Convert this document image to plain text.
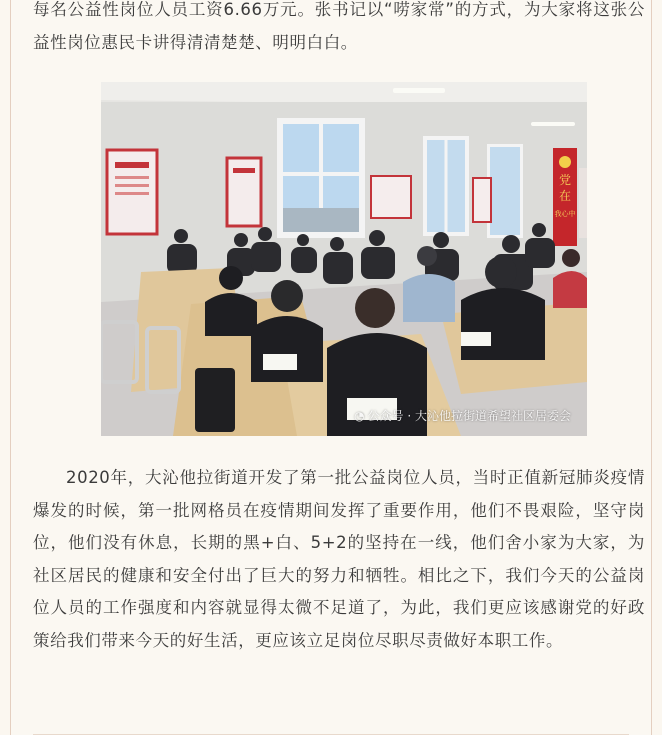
每名公益性岗位人员工资6.66万元。张书记以“唠家常”的方式，为大家将这张公益性岗位惠民卡讲得清清楚楚、明明白白。

党
在
我心中
◔ 公众号 · 大沁他拉街道希望社区居委会

2020年，大沁他拉街道开发了第一批公益岗位人员，当时正值新冠肺炎疫情爆发的时候，第一批网格员在疫情期间发挥了重要作用，他们不畏艰险，坚守岗位，他们没有休息，长期的黑+白、5+2的坚持在一线，他们舍小家为大家，为社区居民的健康和安全付出了巨大的努力和牺牲。相比之下，我们今天的公益岗位人员的工作强度和内容就显得太微不足道了，为此，我们更应该感谢党的好政策给我们带来今天的好生活，更应该立足岗位尽职尽责做好本职工作。
